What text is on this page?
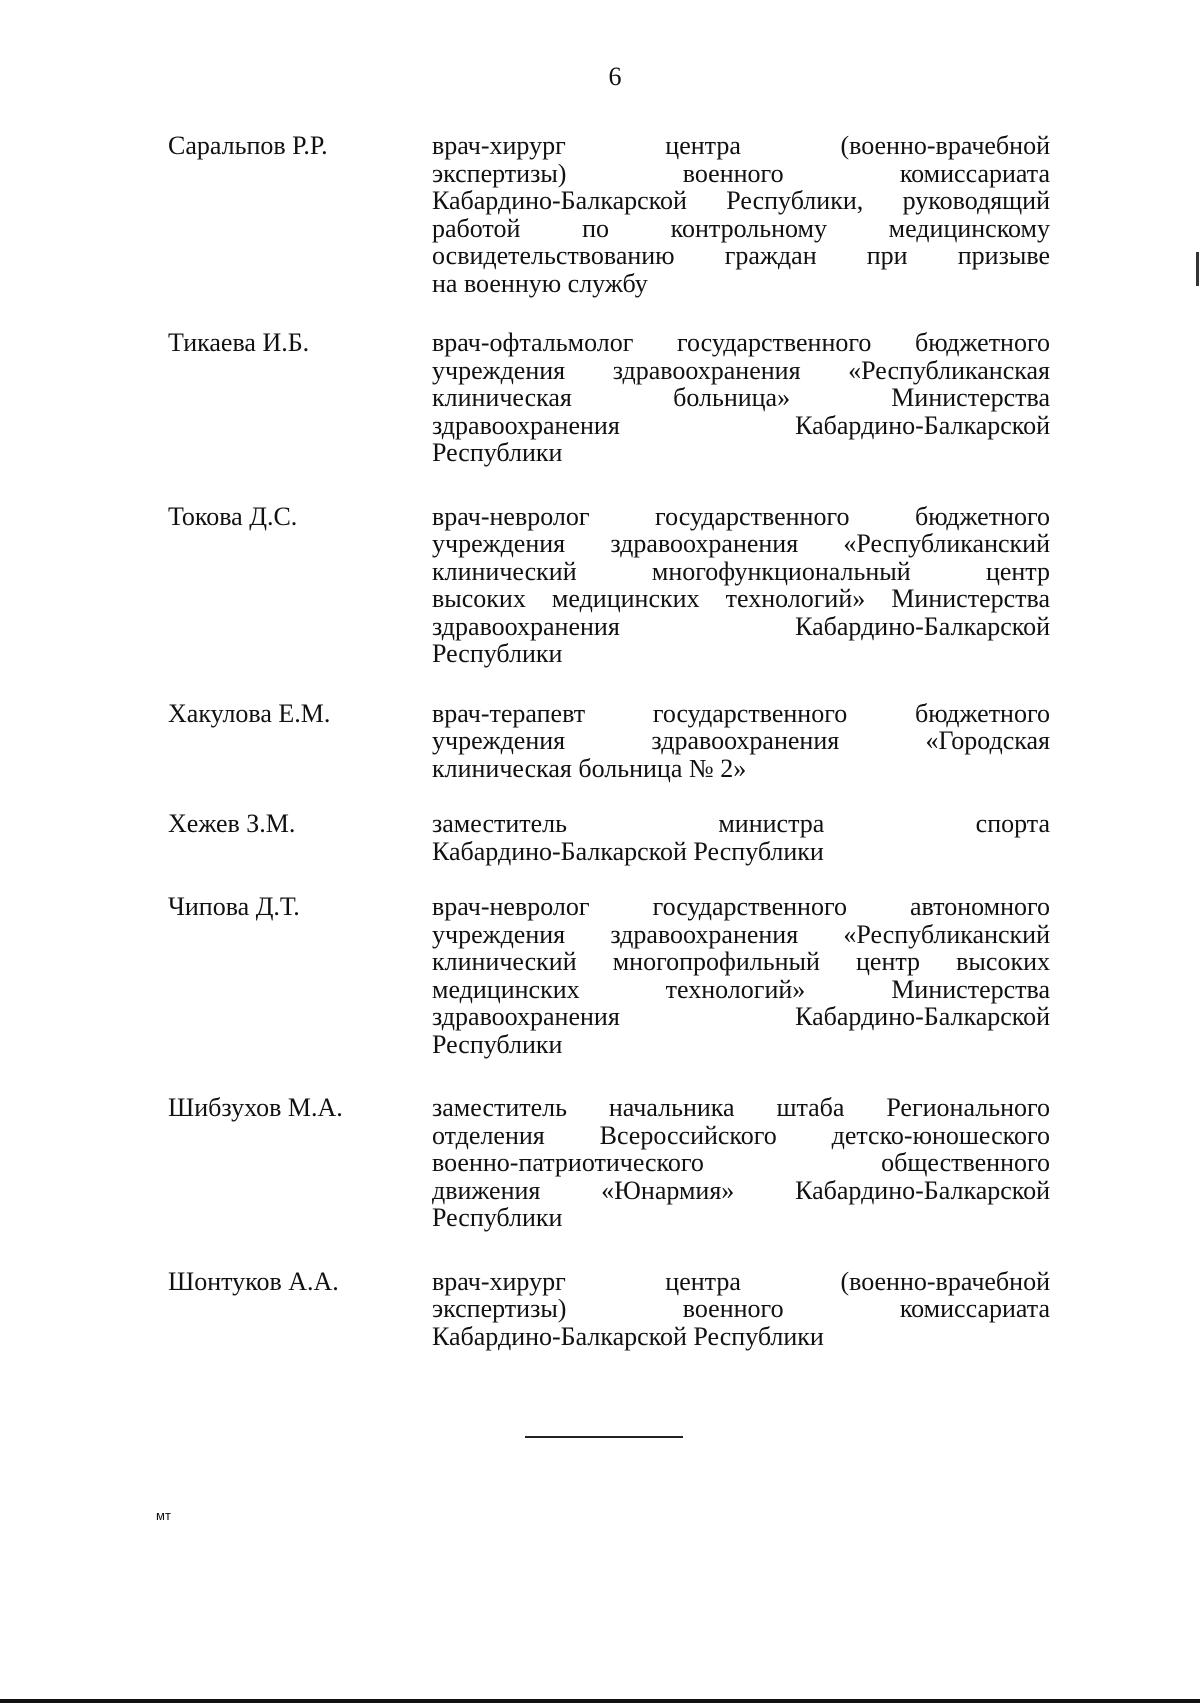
6
Саральпов Р.Р.	врач-хирург центра (военно-врачебной
экспертизы) военного комиссариата
Кабардино-Балкарской Республики, руководящий
работой по контрольному медицинскому
освидетельствованию граждан при призыве
на военную службу
Тикаева И.Б.	врач-офтальмолог государственного бюджетного
учреждения здравоохранения «Республиканская
клиническая больница» Министерства
здравоохранения Кабардино-Балкарской
Республики
Токова Д.С.	врач-невролог государственного бюджетного
учреждения здравоохранения «Республиканский
клинический многофункциональный центр
высоких медицинских технологий» Министерства
здравоохранения Кабардино-Балкарской
Республики
Хакулова Е.М.	врач-терапевт государственного бюджетного
учреждения здравоохранения «Городская
клиническая больница № 2»
Хежев З.М.	заместитель министра спорта
Кабардино-Балкарской Республики
Чипова Д.Т.	врач-невролог государственного автономного
учреждения здравоохранения «Республиканский
клинический многопрофильный центр высоких
медицинских технологий» Министерства
здравоохранения Кабардино-Балкарской
Республики
Шибзухов М.А.	заместитель начальника штаба Регионального
отделения Всероссийского детско-юношеского
военно-патриотического общественного
движения «Юнармия» Кабардино-Балкарской
Республики
Шонтуков А.А.	врач-хирург центра (военно-врачебной
экспертизы) военного комиссариата
Кабардино-Балкарской Республики
мт
